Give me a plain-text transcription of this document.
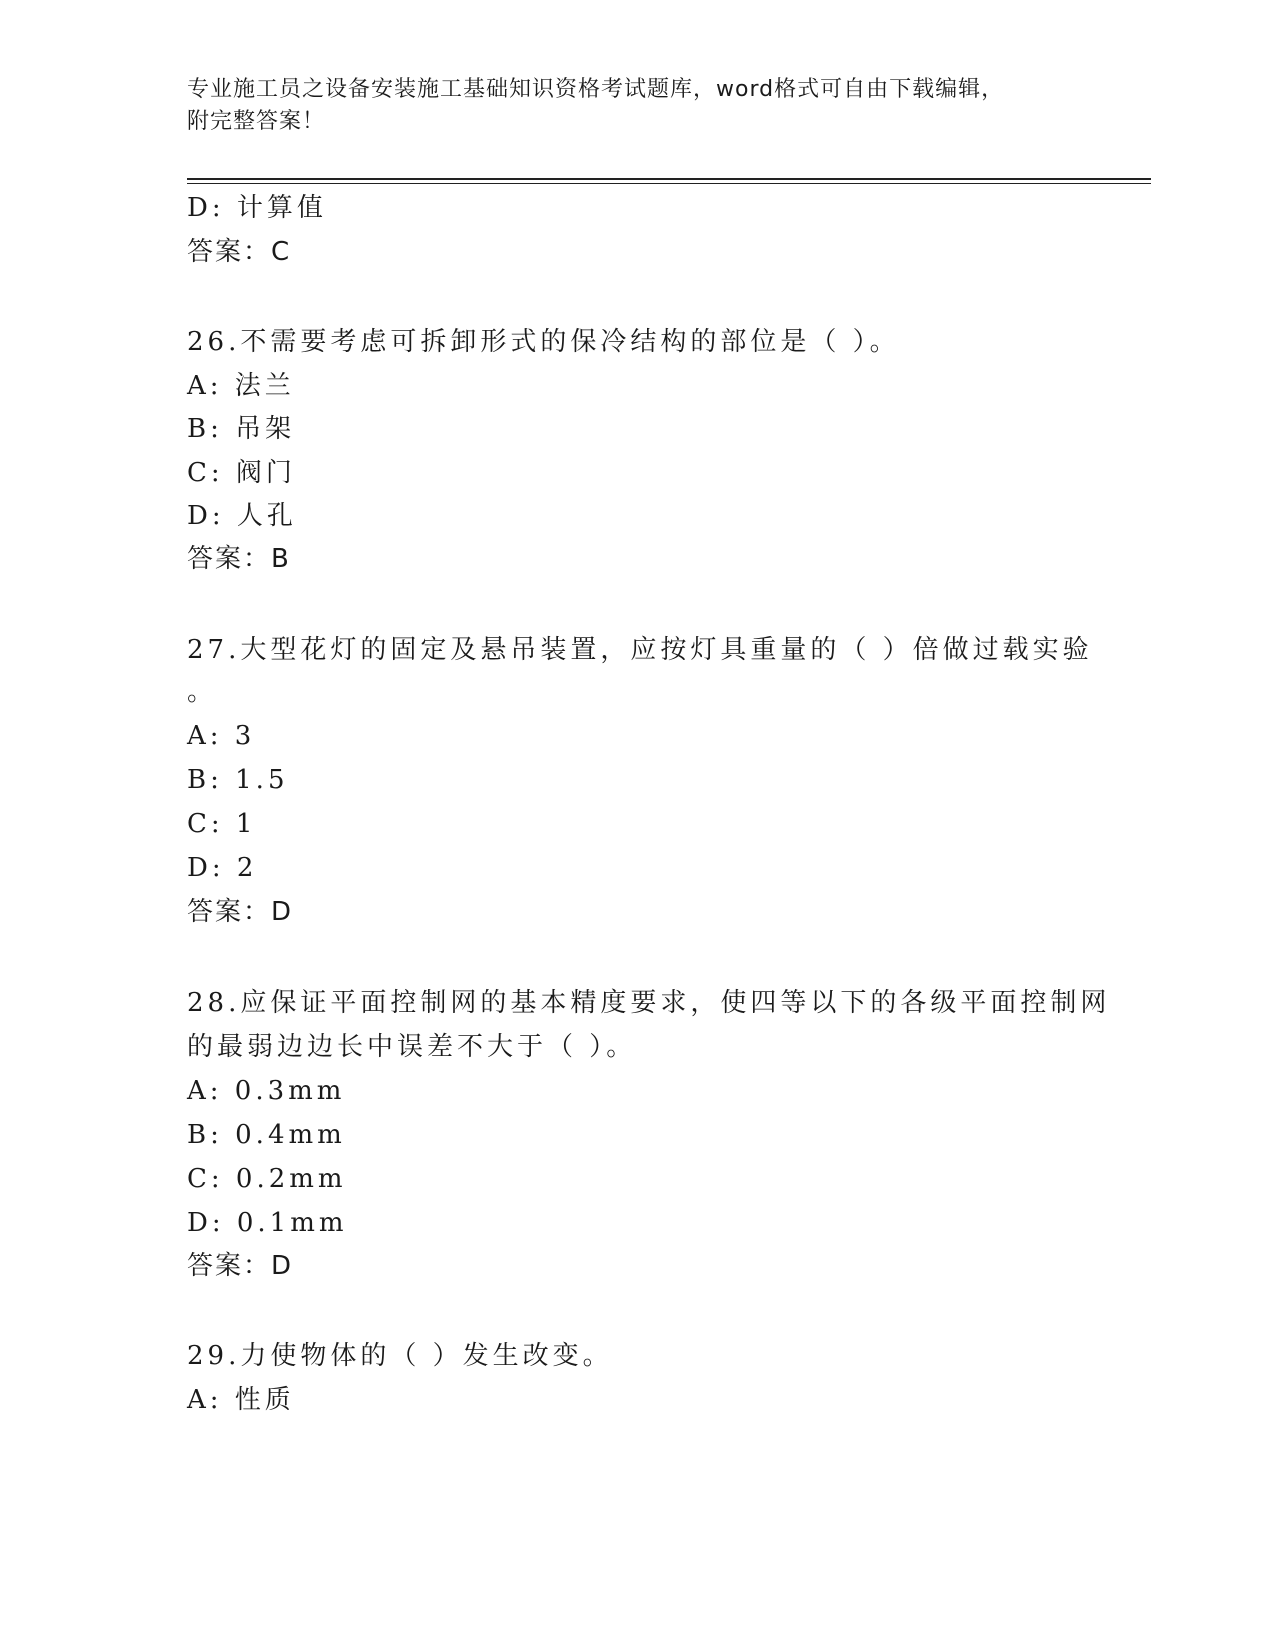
专业施工员之设备安装施工基础知识资格考试题库，word格式可自由下载编辑，
附完整答案！
D: 计算值
答案：C
26.不需要考虑可拆卸形式的保冷结构的部位是（ ）。
A: 法兰
B: 吊架
C: 阀门
D: 人孔
答案：B
27.大型花灯的固定及悬吊装置，应按灯具重量的（ ）倍做过载实验
。
A: 3
B: 1.5
C: 1
D: 2
答案：D
28.应保证平面控制网的基本精度要求，使四等以下的各级平面控制网
的最弱边边长中误差不大于（ ）。
A: 0.3mm
B: 0.4mm
C: 0.2mm
D: 0.1mm
答案：D
29.力使物体的（ ）发生改变。
A: 性质
